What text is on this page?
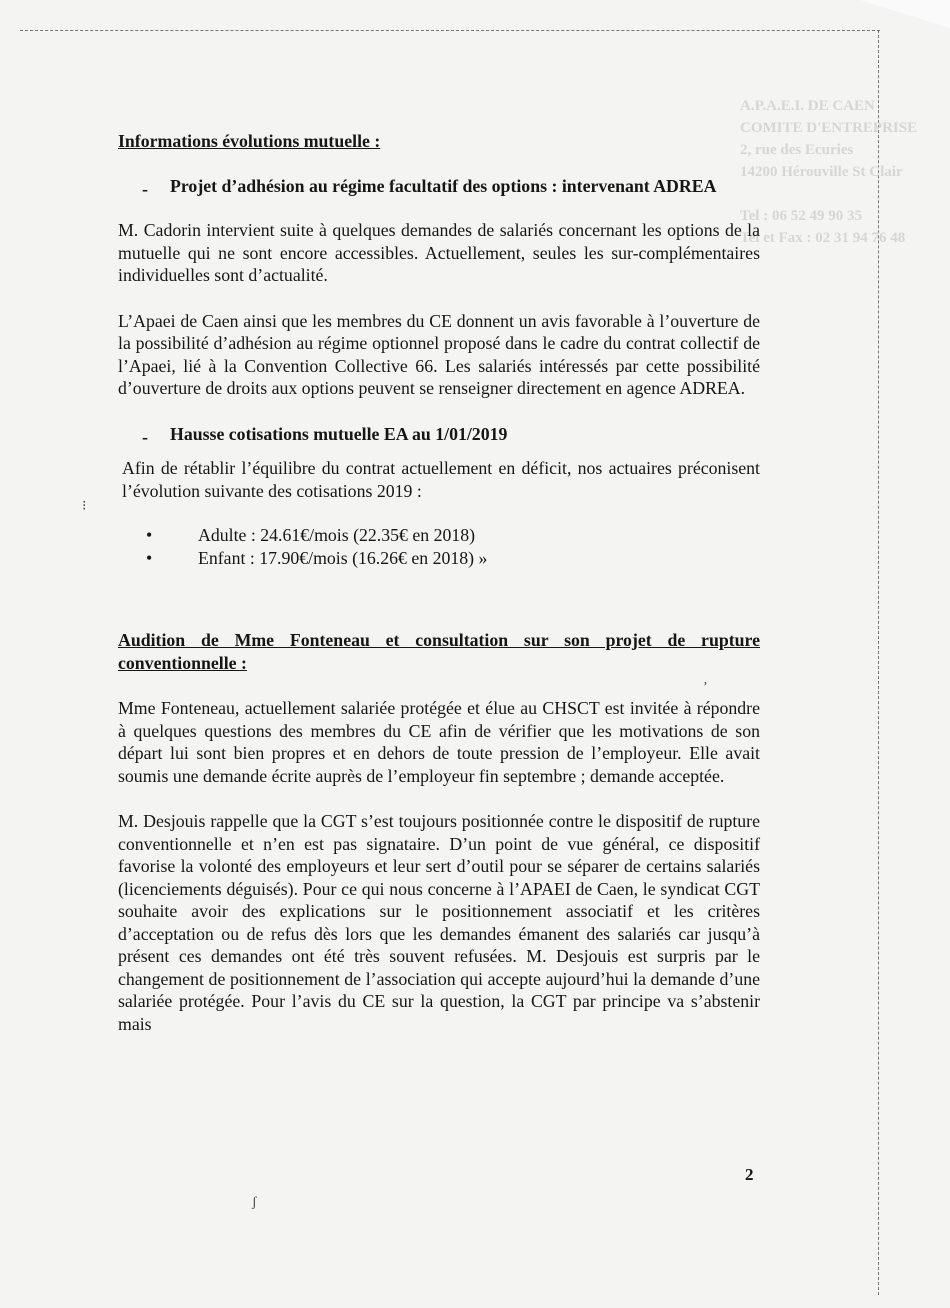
A.P.A.E.I. DE CAEN
COMITE D'ENTREPRISE
2, rue des Ecuries
14200 Hérouville St Clair

Tel : 06 52 49 90 35
Tel et Fax : 02 31 94 76 48
Informations évolutions mutuelle :
- Projet d’adhésion au régime facultatif des options : intervenant ADREA

M. Cadorin intervient suite à quelques demandes de salariés concernant les options de la mutuelle qui ne sont encore accessibles. Actuellement, seules les sur-complémentaires individuelles sont d’actualité.

L’Apaei de Caen ainsi que les membres du CE donnent un avis favorable à l’ouverture de la possibilité d’adhésion au régime optionnel proposé dans le cadre du contrat collectif de l’Apaei, lié à la Convention Collective 66. Les salariés intéressés par cette possibilité d’ouverture de droits aux options peuvent se renseigner directement en agence ADREA.

- Hausse cotisations mutuelle EA au 1/01/2019

Afin de rétablir l’équilibre du contrat actuellement en déficit, nos actuaires préconisent l’évolution suivante des cotisations 2019 :

• Adulte : 24.61€/mois (22.35€ en 2018)
• Enfant : 17.90€/mois (16.26€ en 2018) »
Audition de Mme Fonteneau et consultation sur son projet de rupture conventionnelle :

Mme Fonteneau, actuellement salariée protégée et élue au CHSCT est invitée à répondre à quelques questions des membres du CE afin de vérifier que les motivations de son départ lui sont bien propres et en dehors de toute pression de l’employeur. Elle avait soumis une demande écrite auprès de l’employeur fin septembre ; demande acceptée.

M. Desjouis rappelle que la CGT s’est toujours positionnée contre le dispositif de rupture conventionnelle et n’en est pas signataire. D’un point de vue général, ce dispositif favorise la volonté des employeurs et leur sert d’outil pour se séparer de certains salariés (licenciements déguisés). Pour ce qui nous concerne à l’APAEI de Caen, le syndicat CGT souhaite avoir des explications sur le positionnement associatif et les critères d’acceptation ou de refus dès lors que les demandes émanent des salariés car jusqu’à présent ces demandes ont été très souvent refusées. M. Desjouis est surpris par le changement de positionnement de l’association qui accepte aujourd’hui la demande d’une salariée protégée. Pour l’avis du CE sur la question, la CGT par principe va s’abstenir mais

2
⁝
ʃ
ʼ
